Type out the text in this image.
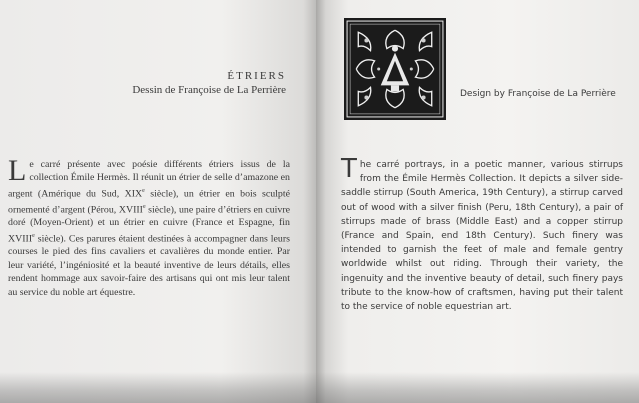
ÉTRIERS
Dessin de Françoise de La Perrière
L e carré présente avec poésie différents étriers issus de la collection Émile Hermès. Il réunit un étrier de selle d’amazone en argent (Amérique du Sud, XIXe siècle), un étrier en bois sculpté ornementé d’argent (Pérou, XVIIIe siècle), une paire d’étriers en cuivre doré (Moyen-Orient) et un étrier en cuivre (France et Espagne, fin XVIIIe siècle). Ces parures étaient destinées à accompagner dans leurs courses le pied des fins cavaliers et cavalières du monde entier. Par leur variété, l’ingéniosité et la beauté inventive de leurs détails, elles rendent hommage aux savoir-faire des artisans qui ont mis leur talent au service du noble art équestre.
Design by Françoise de La Perrière
The carré portrays, in a poetic manner, various stirrups from the Émile Hermès Collection. It depicts a silver side-saddle stirrup (South America, 19th Century), a stirrup carved out of wood with a silver finish (Peru, 18th Century), a pair of stirrups made of brass (Middle East) and a copper stirrup (France and Spain, end 18th Century). Such finery was intended to garnish the feet of male and female gentry worldwide whilst out riding. Through their variety, the ingenuity and the inventive beauty of detail, such finery pays tribute to the know-how of craftsmen, having put their talent to the service of noble equestrian art.
